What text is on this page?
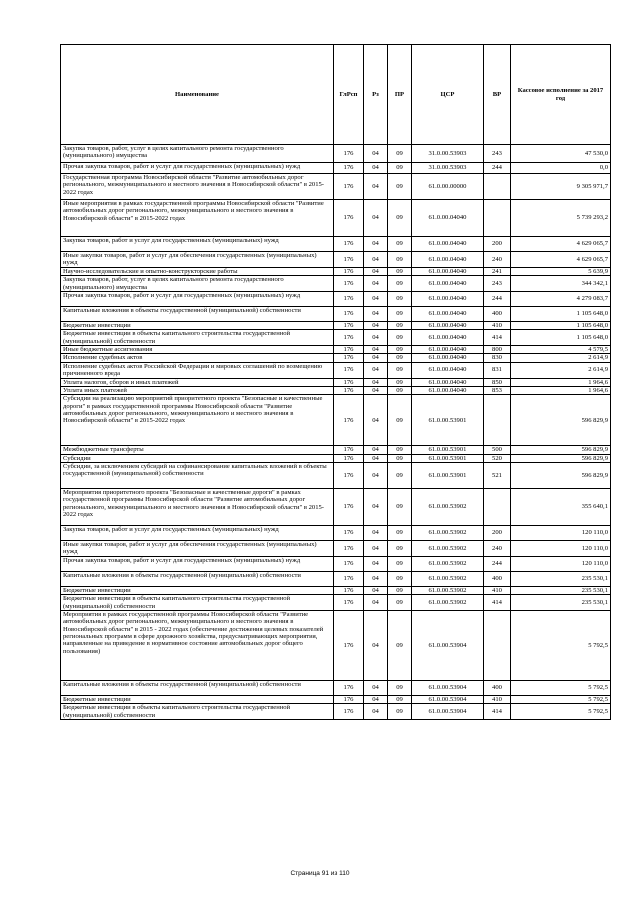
Наименование	ГлРсп	Рз	ПР	ЦСР	ВР	Кассовое исполнение за 2017 год
Закупка товаров, работ, услуг в целях капитального ремонта государственного (муниципального) имущества	176	04	09	31.0.00.53903	243	47 530,0
Прочая закупка товаров, работ и услуг для государственных (муниципальных) нужд	176	04	09	31.0.00.53903	244	0,0
Государственная программа Новосибирской области "Развитие автомобильных дорог регионального, межмуниципального и местного значения в Новосибирской области" в 2015-2022 годах	176	04	09	61.0.00.00000		9 305 971,7
Иные мероприятия в рамках государственной программы Новосибирской области "Развитие автомобильных дорог регионального, межмуниципального и местного значения в Новосибирской области" в 2015-2022 годах	176	04	09	61.0.00.04040		5 739 293,2
Закупка товаров, работ и услуг для государственных (муниципальных) нужд	176	04	09	61.0.00.04040	200	4 629 065,7
Иные закупки товаров, работ и услуг для обеспечения государственных (муниципальных) нужд	176	04	09	61.0.00.04040	240	4 629 065,7
Научно-исследовательские и опытно-конструкторские работы	176	04	09	61.0.00.04040	241	5 639,9
Закупка товаров, работ, услуг в целях капитального ремонта государственного (муниципального) имущества	176	04	09	61.0.00.04040	243	344 342,1
Прочая закупка товаров, работ и услуг для государственных (муниципальных) нужд	176	04	09	61.0.00.04040	244	4 279 083,7
Капитальные вложения в объекты государственной (муниципальной) собственности	176	04	09	61.0.00.04040	400	1 105 648,0
Бюджетные инвестиции	176	04	09	61.0.00.04040	410	1 105 648,0
Бюджетные инвестиции в объекты капитального строительства государственной (муниципальной) собственности	176	04	09	61.0.00.04040	414	1 105 648,0
Иные бюджетные ассигнования	176	04	09	61.0.00.04040	800	4 579,5
Исполнение судебных актов	176	04	09	61.0.00.04040	830	2 614,9
Исполнение судебных актов Российской Федерации и мировых соглашений по возмещению причиненного вреда	176	04	09	61.0.00.04040	831	2 614,9
Уплата налогов, сборов и иных платежей	176	04	09	61.0.00.04040	850	1 964,6
Уплата иных платежей	176	04	09	61.0.00.04040	853	1 964,6
Субсидии на реализацию мероприятий приоритетного проекта "Безопасные и качественные дороги" в рамках государственной программы Новосибирской области "Развитие автомобильных дорог регионального, межмуниципального и местного значения в Новосибирской области" в 2015-2022 годах	176	04	09	61.0.00.53901		596 829,9
Межбюджетные трансферты	176	04	09	61.0.00.53901	500	596 829,9
Субсидии	176	04	09	61.0.00.53901	520	596 829,9
Субсидии, за исключением субсидий на софинансирование капитальных вложений в объекты государственной (муниципальной) собственности	176	04	09	61.0.00.53901	521	596 829,9
Мероприятия приоритетного проекта "Безопасные и качественные дороги" в рамках государственной программы Новосибирской области "Развитие автомобильных дорог регионального, межмуниципального и местного значения в Новосибирской области" в 2015-2022 годах	176	04	09	61.0.00.53902		355 640,1
Закупка товаров, работ и услуг для государственных (муниципальных) нужд	176	04	09	61.0.00.53902	200	120 110,0
Иные закупки товаров, работ и услуг для обеспечения государственных (муниципальных) нужд	176	04	09	61.0.00.53902	240	120 110,0
Прочая закупка товаров, работ и услуг для государственных (муниципальных) нужд	176	04	09	61.0.00.53902	244	120 110,0
Капитальные вложения в объекты государственной (муниципальной) собственности	176	04	09	61.0.00.53902	400	235 530,1
Бюджетные инвестиции	176	04	09	61.0.00.53902	410	235 530,1
Бюджетные инвестиции в объекты капитального строительства государственной (муниципальной) собственности	176	04	09	61.0.00.53902	414	235 530,1
Мероприятия в рамках государственной программы Новосибирской области "Развитие автомобильных дорог регионального, межмуниципального и местного значения в Новосибирской области" в 2015 - 2022 годах (обеспечение достижения целевых показателей региональных программ в сфере дорожного хозяйства, предусматривающих мероприятия, направленные на приведение в нормативное состояние автомобильных дорог общего пользования)	176	04	09	61.0.00.53904		5 792,5
Капитальные вложения в объекты государственной (муниципальной) собственности	176	04	09	61.0.00.53904	400	5 792,5
Бюджетные инвестиции	176	04	09	61.0.00.53904	410	5 792,5
Бюджетные инвестиции в объекты капитального строительства государственной (муниципальной) собственности	176	04	09	61.0.00.53904	414	5 792,5
Страница 91 из 110
